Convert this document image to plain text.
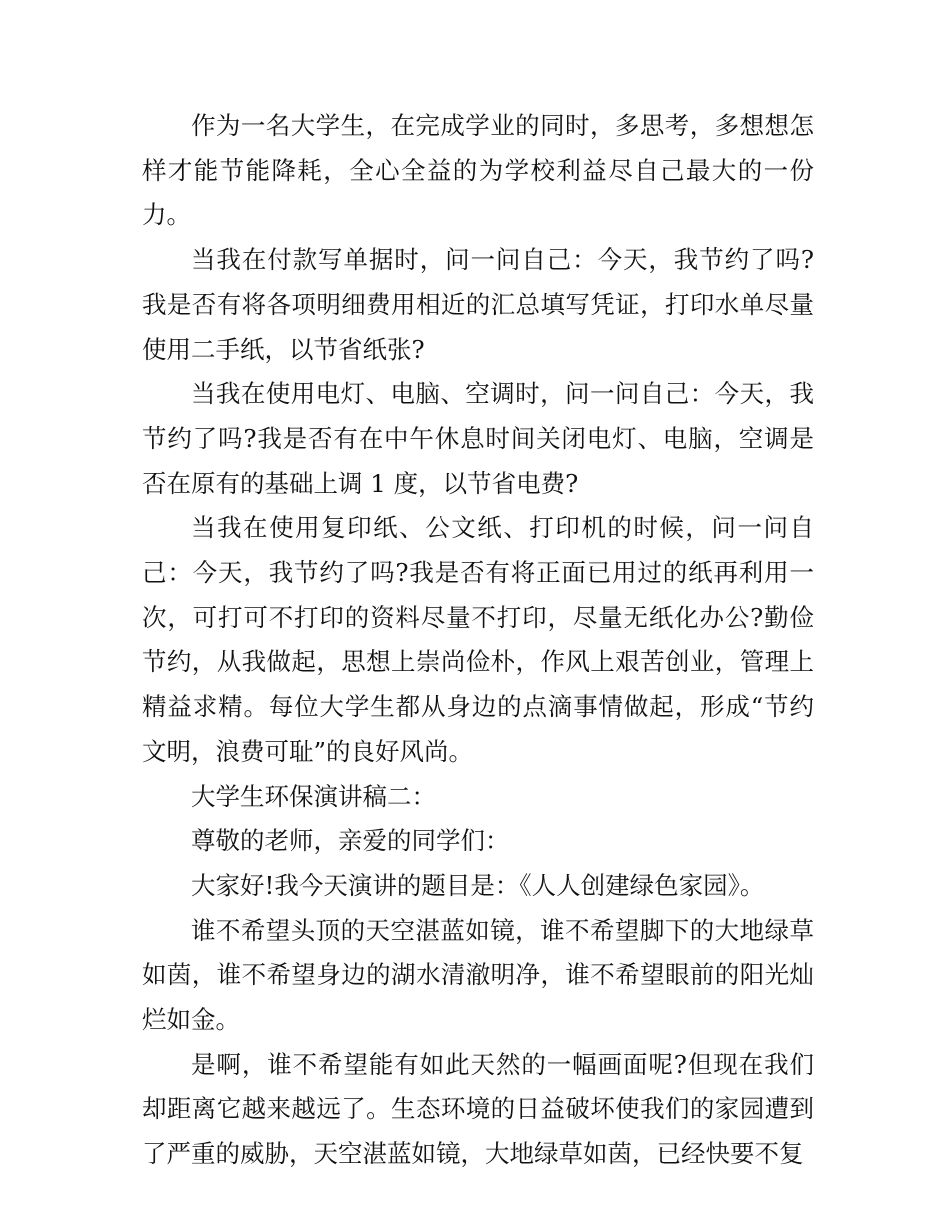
作为一名大学生，在完成学业的同时，多思考，多想想怎样才能节能降耗，全心全益的为学校利益尽自己最大的一份力。

当我在付款写单据时，问一问自己：今天，我节约了吗?我是否有将各项明细费用相近的汇总填写凭证，打印水单尽量使用二手纸，以节省纸张?

当我在使用电灯、电脑、空调时，问一问自己：今天，我节约了吗?我是否有在中午休息时间关闭电灯、电脑，空调是否在原有的基础上调 1 度，以节省电费?

当我在使用复印纸、公文纸、打印机的时候，问一问自己：今天，我节约了吗?我是否有将正面已用过的纸再利用一次，可打可不打印的资料尽量不打印，尽量无纸化办公?勤俭节约，从我做起，思想上崇尚俭朴，作风上艰苦创业，管理上精益求精。每位大学生都从身边的点滴事情做起，形成“节约文明，浪费可耻”的良好风尚。

大学生环保演讲稿二：

尊敬的老师，亲爱的同学们：

大家好!我今天演讲的题目是：《人人创建绿色家园》。

谁不希望头顶的天空湛蓝如镜，谁不希望脚下的大地绿草如茵，谁不希望身边的湖水清澈明净，谁不希望眼前的阳光灿烂如金。

是啊，谁不希望能有如此天然的一幅画面呢?但现在我们却距离它越来越远了。生态环境的日益破坏使我们的家园遭到了严重的威胁，天空湛蓝如镜，大地绿草如茵，已经快要不复
